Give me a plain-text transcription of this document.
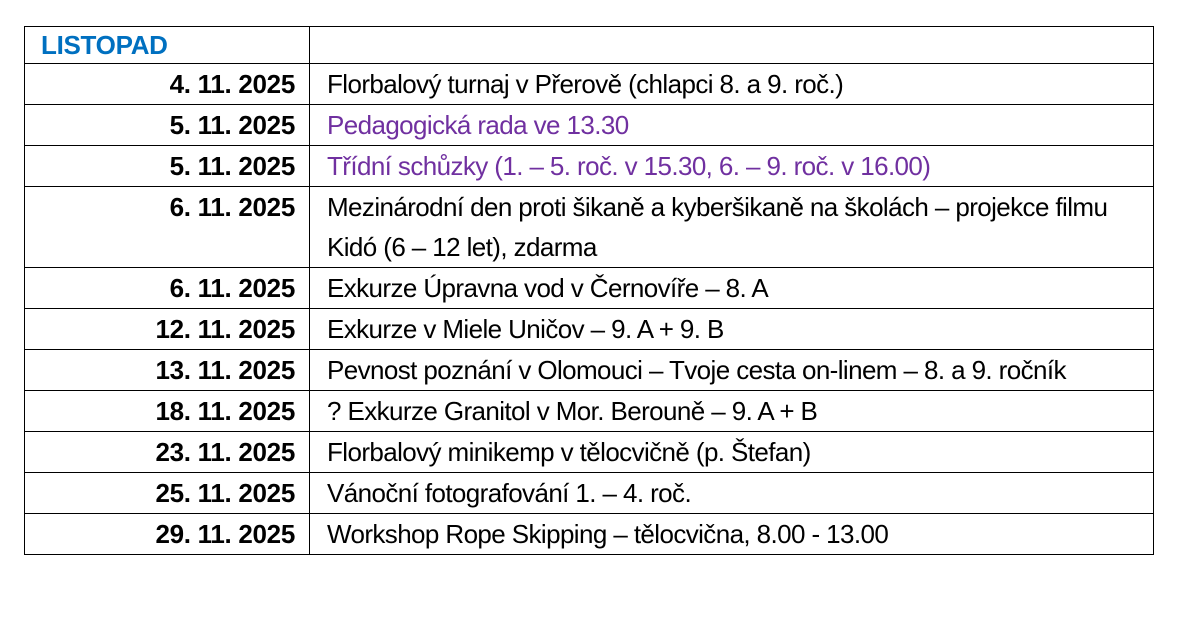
LISTOPAD	
4. 11. 2025	Florbalový turnaj v Přerově (chlapci 8. a 9. roč.)
5. 11. 2025	Pedagogická rada ve 13.30
5. 11. 2025	Třídní schůzky (1. – 5. roč. v 15.30, 6. – 9. roč. v 16.00)
6. 11. 2025	Mezinárodní den proti šikaně a kyberšikaně na školách – projekce filmu Kidó (6 – 12 let), zdarma
6. 11. 2025	Exkurze Úpravna vod v Černovíře – 8. A
12. 11. 2025	Exkurze v Miele Uničov – 9. A + 9. B
13. 11. 2025	Pevnost poznání v Olomouci – Tvoje cesta on-linem – 8. a 9. ročník
18. 11. 2025	? Exkurze Granitol v Mor. Berouně – 9. A + B
23. 11. 2025	Florbalový minikemp v tělocvičně (p. Štefan)
25. 11. 2025	Vánoční fotografování 1. – 4. roč.
29. 11. 2025	Workshop Rope Skipping – tělocvična, 8.00 - 13.00
